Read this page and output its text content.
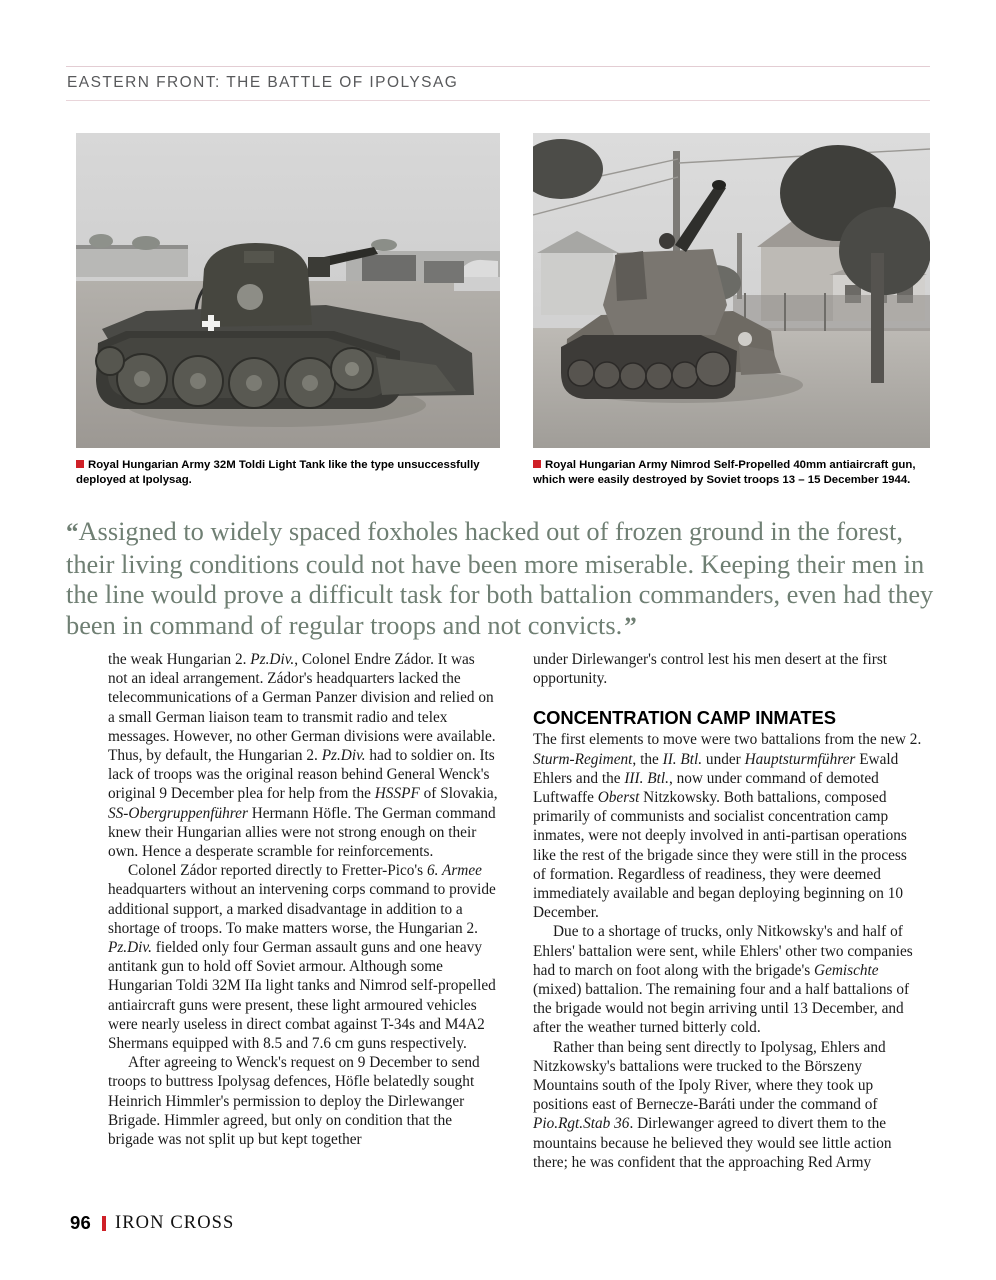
EASTERN FRONT: THE BATTLE OF IPOLYSAG
Royal Hungarian Army 32M Toldi Light Tank like the type unsuccessfully deployed at Ipolysag.
Royal Hungarian Army Nimrod Self-Propelled 40mm antiaircraft gun, which were easily destroyed by Soviet troops 13 – 15 December 1944.
“Assigned to widely spaced foxholes hacked out of frozen ground in the forest, their living conditions could not have been more miserable. Keeping their men in the line would prove a difficult task for both battalion commanders, even had they been in command of regular troops and not convicts.”

the weak Hungarian 2. Pz.Div., Colonel Endre Zádor. It was not an ideal arrangement. Zádor's headquarters lacked the telecommunications of a German Panzer division and relied on a small German liaison team to transmit radio and telex messages. However, no other German divisions were available. Thus, by default, the Hungarian 2. Pz.Div. had to soldier on. Its lack of troops was the original reason behind General Wenck's original 9 December plea for help from the HSSPF of Slovakia, SS-Obergruppenführer Hermann Höfle. The German command knew their Hungarian allies were not strong enough on their own. Hence a desperate scramble for reinforcements.

Colonel Zádor reported directly to Fretter-Pico's 6. Armee headquarters without an intervening corps command to provide additional support, a marked disadvantage in addition to a shortage of troops. To make matters worse, the Hungarian 2. Pz.Div. fielded only four German assault guns and one heavy antitank gun to hold off Soviet armour. Although some Hungarian Toldi 32M IIa light tanks and Nimrod self-propelled antiaircraft guns were present, these light armoured vehicles were nearly useless in direct combat against T-34s and M4A2 Shermans equipped with 8.5 and 7.6 cm guns respectively.

After agreeing to Wenck's request on 9 December to send troops to buttress Ipolysag defences, Höfle belatedly sought Heinrich Himmler's permission to deploy the Dirlewanger Brigade. Himmler agreed, but only on condition that the brigade was not split up but kept together

under Dirlewanger's control lest his men desert at the first opportunity.

CONCENTRATION CAMP INMATES

The first elements to move were two battalions from the new 2. Sturm-Regiment, the II. Btl. under Hauptsturmführer Ewald Ehlers and the III. Btl., now under command of demoted Luftwaffe Oberst Nitzkowsky. Both battalions, composed primarily of communists and socialist concentration camp inmates, were not deeply involved in anti-partisan operations like the rest of the brigade since they were still in the process of formation. Regardless of readiness, they were deemed immediately available and began deploying beginning on 10 December.

Due to a shortage of trucks, only Nitkowsky's and half of Ehlers' battalion were sent, while Ehlers' other two companies had to march on foot along with the brigade's Gemischte (mixed) battalion. The remaining four and a half battalions of the brigade would not begin arriving until 13 December, and after the weather turned bitterly cold.

Rather than being sent directly to Ipolysag, Ehlers and Nitzkowsky's battalions were trucked to the Börszeny Mountains south of the Ipoly River, where they took up positions east of Bernecze-Baráti under the command of Pio.Rgt.Stab 36. Dirlewanger agreed to divert them to the mountains because he believed they would see little action there; he was confident that the approaching Red Army

96 IRON CROSS
